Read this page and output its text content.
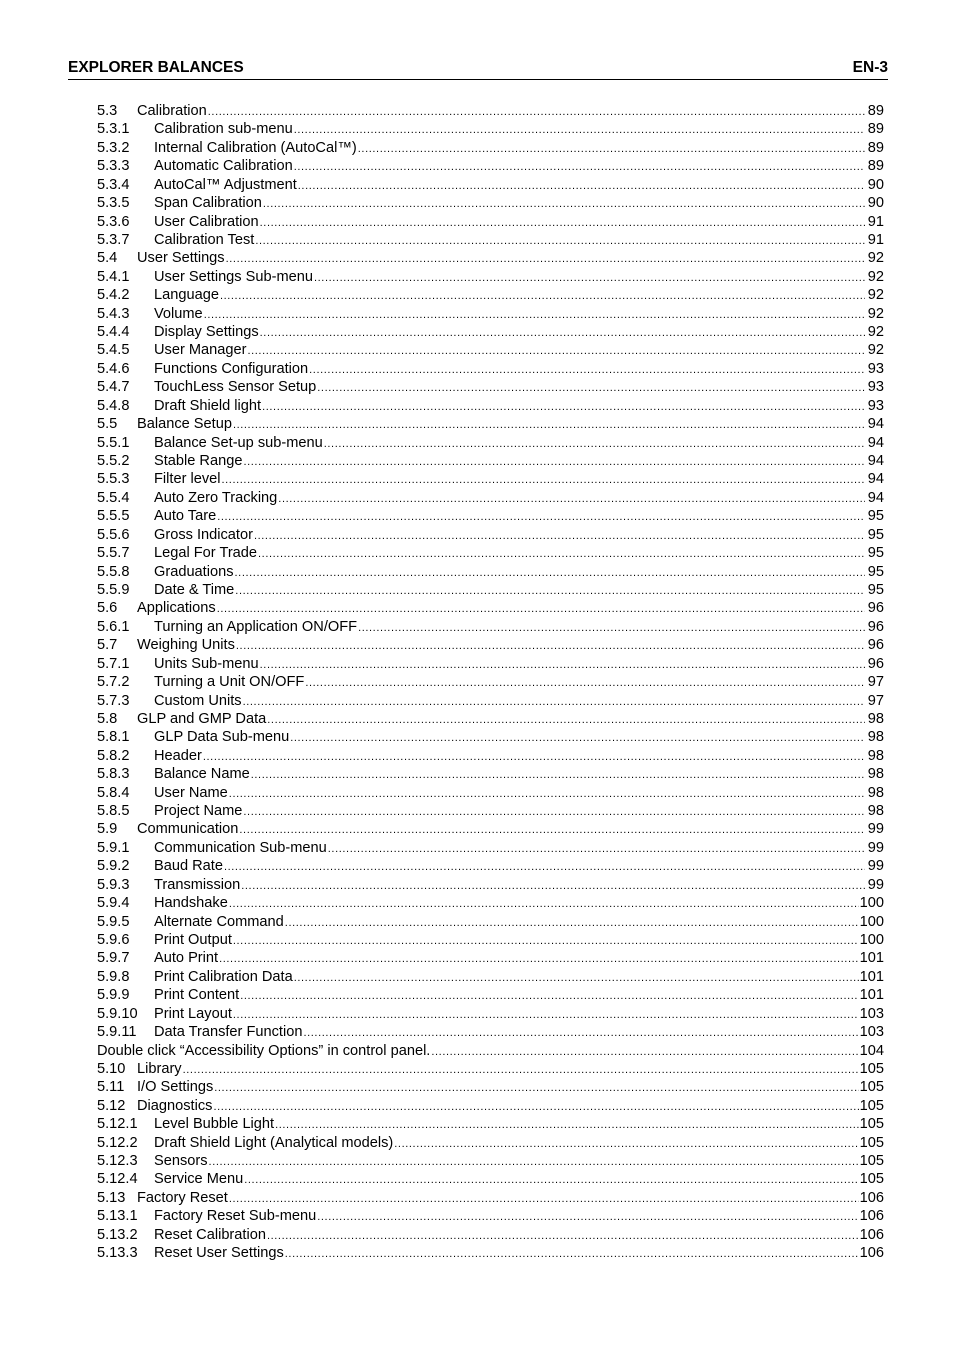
EXPLORER BALANCES	EN-3
5.3	Calibration .....	89
5.3.1	Calibration sub-menu .....	89
5.3.2	Internal Calibration (AutoCal™) .....	89
5.3.3	Automatic Calibration .....	89
5.3.4	AutoCal™ Adjustment .....	90
5.3.5	Span Calibration .....	90
5.3.6	User Calibration .....	91
5.3.7	Calibration Test .....	91
5.4	User Settings .....	92
5.4.1	User Settings Sub-menu .....	92
5.4.2	Language .....	92
5.4.3	Volume .....	92
5.4.4	Display Settings .....	92
5.4.5	User Manager .....	92
5.4.6	Functions Configuration .....	93
5.4.7	TouchLess Sensor Setup .....	93
5.4.8	Draft Shield light .....	93
5.5	Balance Setup .....	94
5.5.1	Balance Set-up sub-menu .....	94
5.5.2	Stable Range .....	94
5.5.3	Filter level .....	94
5.5.4	Auto Zero Tracking .....	94
5.5.5	Auto Tare .....	95
5.5.6	Gross Indicator .....	95
5.5.7	Legal For Trade .....	95
5.5.8	Graduations .....	95
5.5.9	Date & Time .....	95
5.6	Applications .....	96
5.6.1	Turning an Application ON/OFF .....	96
5.7	Weighing Units .....	96
5.7.1	Units Sub-menu .....	96
5.7.2	Turning a Unit ON/OFF .....	97
5.7.3	Custom Units .....	97
5.8	GLP and GMP Data .....	98
5.8.1	GLP Data Sub-menu .....	98
5.8.2	Header .....	98
5.8.3	Balance Name .....	98
5.8.4	User Name .....	98
5.8.5	Project Name .....	98
5.9	Communication .....	99
5.9.1	Communication Sub-menu .....	99
5.9.2	Baud Rate .....	99
5.9.3	Transmission .....	99
5.9.4	Handshake .....	100
5.9.5	Alternate Command .....	100
5.9.6	Print Output .....	100
5.9.7	Auto Print .....	101
5.9.8	Print Calibration Data .....	101
5.9.9	Print Content .....	101
5.9.10	Print Layout .....	103
5.9.11	Data Transfer Function .....	103
Double click “Accessibility Options” in control panel. .....	104
5.10 Library .....	105
5.11 I/O Settings .....	105
5.12 Diagnostics .....	105
5.12.1	Level Bubble Light .....	105
5.12.2	Draft Shield Light (Analytical models) .....	105
5.12.3	Sensors .....	105
5.12.4	Service Menu .....	105
5.13 Factory Reset .....	106
5.13.1	Factory Reset Sub-menu .....	106
5.13.2	Reset Calibration .....	106
5.13.3	Reset User Settings .....	106
